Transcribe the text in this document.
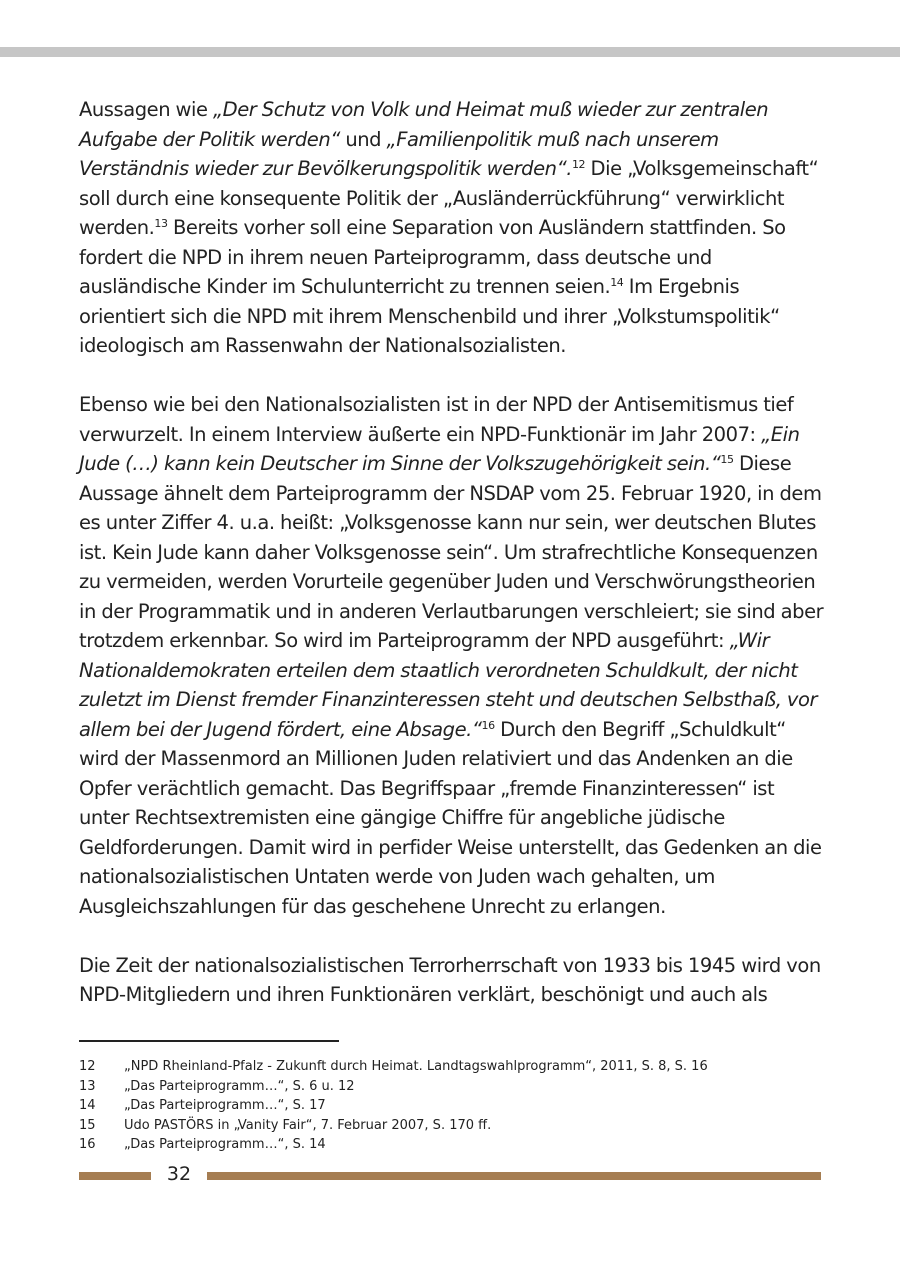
Aussagen wie „Der Schutz von Volk und Heimat muß wieder zur zentralen Aufgabe der Politik werden“ und „Familienpolitik muß nach unserem Verständnis wieder zur Bevölkerungspolitik werden“.$^{12}$ Die „Volksgemeinschaft“ soll durch eine konsequente Politik der „Ausländerrückführung“ verwirklicht werden.$^{13}$ Bereits vorher soll eine Separation von Ausländern stattfinden. So fordert die NPD in ihrem neuen Parteiprogramm, dass deutsche und ausländische Kinder im Schulunterricht zu trennen seien.$^{14}$ Im Ergebnis orientiert sich die NPD mit ihrem Menschenbild und ihrer „Volkstumspolitik“ ideologisch am Rassenwahn der Nationalsozialisten.

Ebenso wie bei den Nationalsozialisten ist in der NPD der Antisemitismus tief verwurzelt. In einem Interview äußerte ein NPD-Funktionär im Jahr 2007: „Ein Jude (…) kann kein Deutscher im Sinne der Volkszugehörigkeit sein.“$^{15}$ Diese Aussage ähnelt dem Parteiprogramm der NSDAP vom 25. Februar 1920, in dem es unter Ziffer 4. u.a. heißt: „Volksgenosse kann nur sein, wer deutschen Blutes ist. Kein Jude kann daher Volksgenosse sein“. Um strafrechtliche Konsequenzen zu vermeiden, werden Vorurteile gegenüber Juden und Verschwörungstheorien in der Programmatik und in anderen Verlautbarungen verschleiert; sie sind aber trotzdem erkennbar. So wird im Parteiprogramm der NPD ausgeführt: „Wir Nationaldemokraten erteilen dem staatlich verordneten Schuldkult, der nicht zuletzt im Dienst fremder Finanzinteressen steht und deutschen Selbsthaß, vor allem bei der Jugend fördert, eine Absage.“$^{16}$ Durch den Begriff „Schuldkult“ wird der Massenmord an Millionen Juden relativiert und das Andenken an die Opfer verächtlich gemacht. Das Begriffspaar „fremde Finanzinteressen“ ist unter Rechtsextremisten eine gängige Chiffre für angebliche jüdische Geldforderungen. Damit wird in perfider Weise unterstellt, das Gedenken an die nationalsozialistischen Untaten werde von Juden wach gehalten, um Ausgleichszahlungen für das geschehene Unrecht zu erlangen.

Die Zeit der nationalsozialistischen Terrorherrschaft von 1933 bis 1945 wird von NPD-Mitgliedern und ihren Funktionären verklärt, beschönigt und auch als

12	„NPD Rheinland-Pfalz - Zukunft durch Heimat. Landtagswahlprogramm“, 2011, S. 8, S. 16
13	„Das Parteiprogramm…“, S. 6 u. 12
14	„Das Parteiprogramm…“, S. 17
15	Udo PASTÖRS in „Vanity Fair“, 7. Februar 2007, S. 170 ff.
16	„Das Parteiprogramm…“, S. 14
32
